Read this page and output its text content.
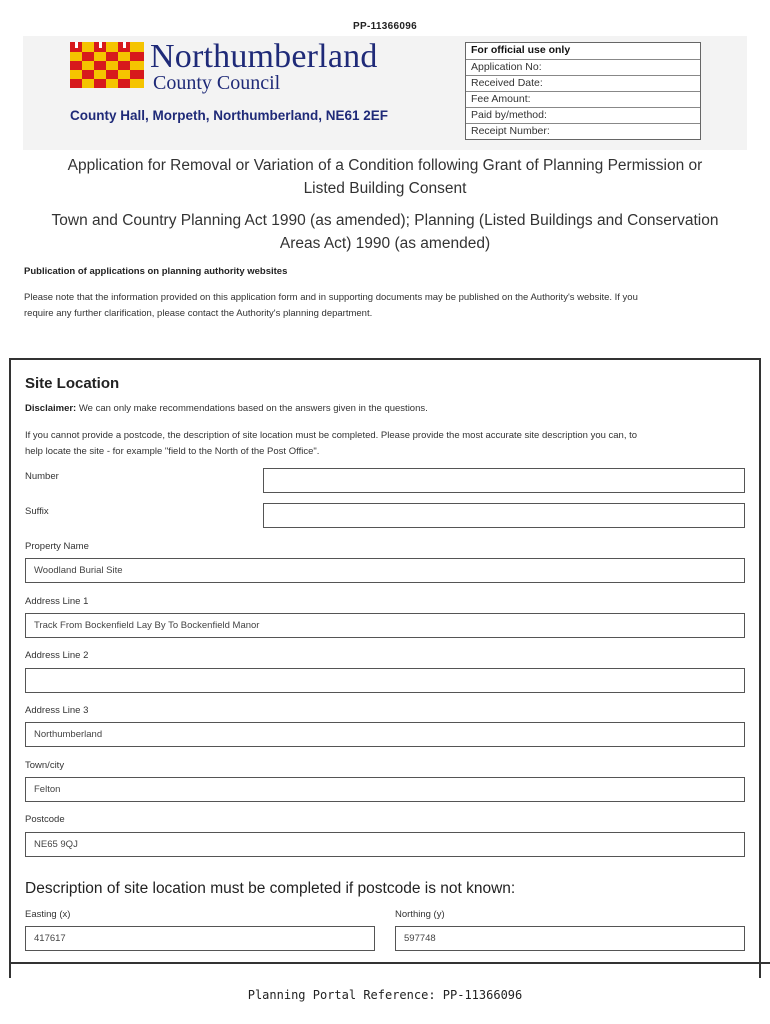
PP-11366096
Northumberland
County Council
County Hall, Morpeth, Northumberland, NE61 2EF
For official use only
Application No:
Received Date:
Fee Amount:
Paid by/method:
Receipt Number:
Application for Removal or Variation of a Condition following Grant of Planning Permission or
Listed Building Consent
Town and Country Planning Act 1990 (as amended); Planning (Listed Buildings and Conservation
Areas Act) 1990 (as amended)
Publication of applications on planning authority websites
Please note that the information provided on this application form and in supporting documents may be published on the Authority's website. If you
require any further clarification, please contact the Authority's planning department.
Site Location
Disclaimer: We can only make recommendations based on the answers given in the questions.
If you cannot provide a postcode, the description of site location must be completed. Please provide the most accurate site description you can, to
help locate the site - for example "field to the North of the Post Office".
Number
Suffix
Property Name
Woodland Burial Site
Address Line 1
Track From Bockenfield Lay By To Bockenfield Manor
Address Line 2
Address Line 3
Northumberland
Town/city
Felton
Postcode
NE65 9QJ
Description of site location must be completed if postcode is not known:
Easting (x)
417617
Northing (y)
597748
Planning Portal Reference: PP-11366096
